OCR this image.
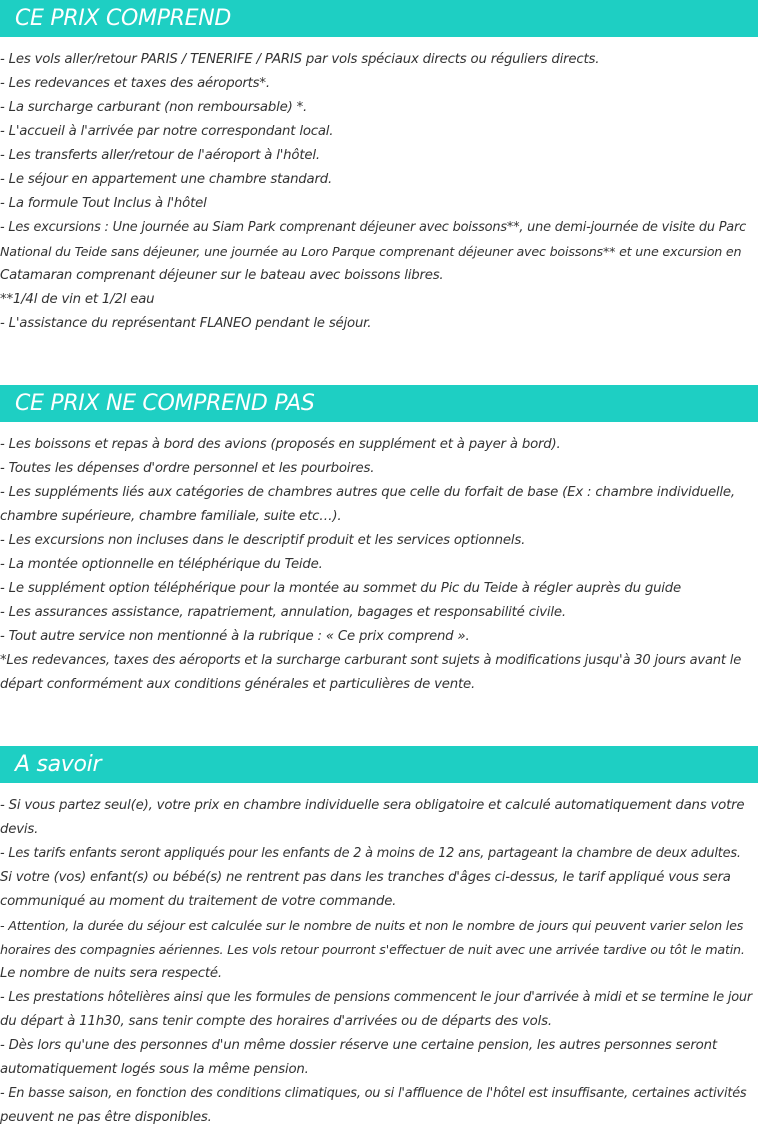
CE PRIX COMPREND
- Les vols aller/retour PARIS / TENERIFE / PARIS par vols spéciaux directs ou réguliers directs.
- Les redevances et taxes des aéroports*.
- La surcharge carburant (non remboursable) *.
- L'accueil à l'arrivée par notre correspondant local.
- Les transferts aller/retour de l'aéroport à l'hôtel.
- Le séjour en appartement une chambre standard.
- La formule Tout Inclus à l'hôtel
- Les excursions : Une journée au Siam Park comprenant déjeuner avec boissons**, une demi-journée de visite du Parc
National du Teide sans déjeuner, une journée au Loro Parque comprenant déjeuner avec boissons** et une excursion en
Catamaran comprenant déjeuner sur le bateau avec boissons libres.
**1/4l de vin et 1/2l eau
- L'assistance du représentant FLANEO pendant le séjour.
CE PRIX NE COMPREND PAS
- Les boissons et repas à bord des avions (proposés en supplément et à payer à bord).
- Toutes les dépenses d'ordre personnel et les pourboires.
- Les suppléments liés aux catégories de chambres autres que celle du forfait de base (Ex : chambre individuelle,
chambre supérieure, chambre familiale, suite etc…).
- Les excursions non incluses dans le descriptif produit et les services optionnels.
- La montée optionnelle en téléphérique du Teide.
- Le supplément option téléphérique pour la montée au sommet du Pic du Teide à régler auprès du guide
- Les assurances assistance, rapatriement, annulation, bagages et responsabilité civile.
- Tout autre service non mentionné à la rubrique : « Ce prix comprend ».
*Les redevances, taxes des aéroports et la surcharge carburant sont sujets à modifications jusqu'à 30 jours avant le
départ conformément aux conditions générales et particulières de vente.
A savoir
- Si vous partez seul(e), votre prix en chambre individuelle sera obligatoire et calculé automatiquement dans votre
devis.
- Les tarifs enfants seront appliqués pour les enfants de 2 à moins de 12 ans, partageant la chambre de deux adultes.
Si votre (vos) enfant(s) ou bébé(s) ne rentrent pas dans les tranches d'âges ci-dessus, le tarif appliqué vous sera
communiqué au moment du traitement de votre commande.
- Attention, la durée du séjour est calculée sur le nombre de nuits et non le nombre de jours qui peuvent varier selon les
horaires des compagnies aériennes. Les vols retour pourront s'effectuer de nuit avec une arrivée tardive ou tôt le matin.
Le nombre de nuits sera respecté.
- Les prestations hôtelières ainsi que les formules de pensions commencent le jour d'arrivée à midi et se termine le jour
du départ à 11h30, sans tenir compte des horaires d'arrivées ou de départs des vols.
- Dès lors qu'une des personnes d'un même dossier réserve une certaine pension, les autres personnes seront
automatiquement logés sous la même pension.
- En basse saison, en fonction des conditions climatiques, ou si l'affluence de l'hôtel est insuffisante, certaines activités
peuvent ne pas être disponibles.
